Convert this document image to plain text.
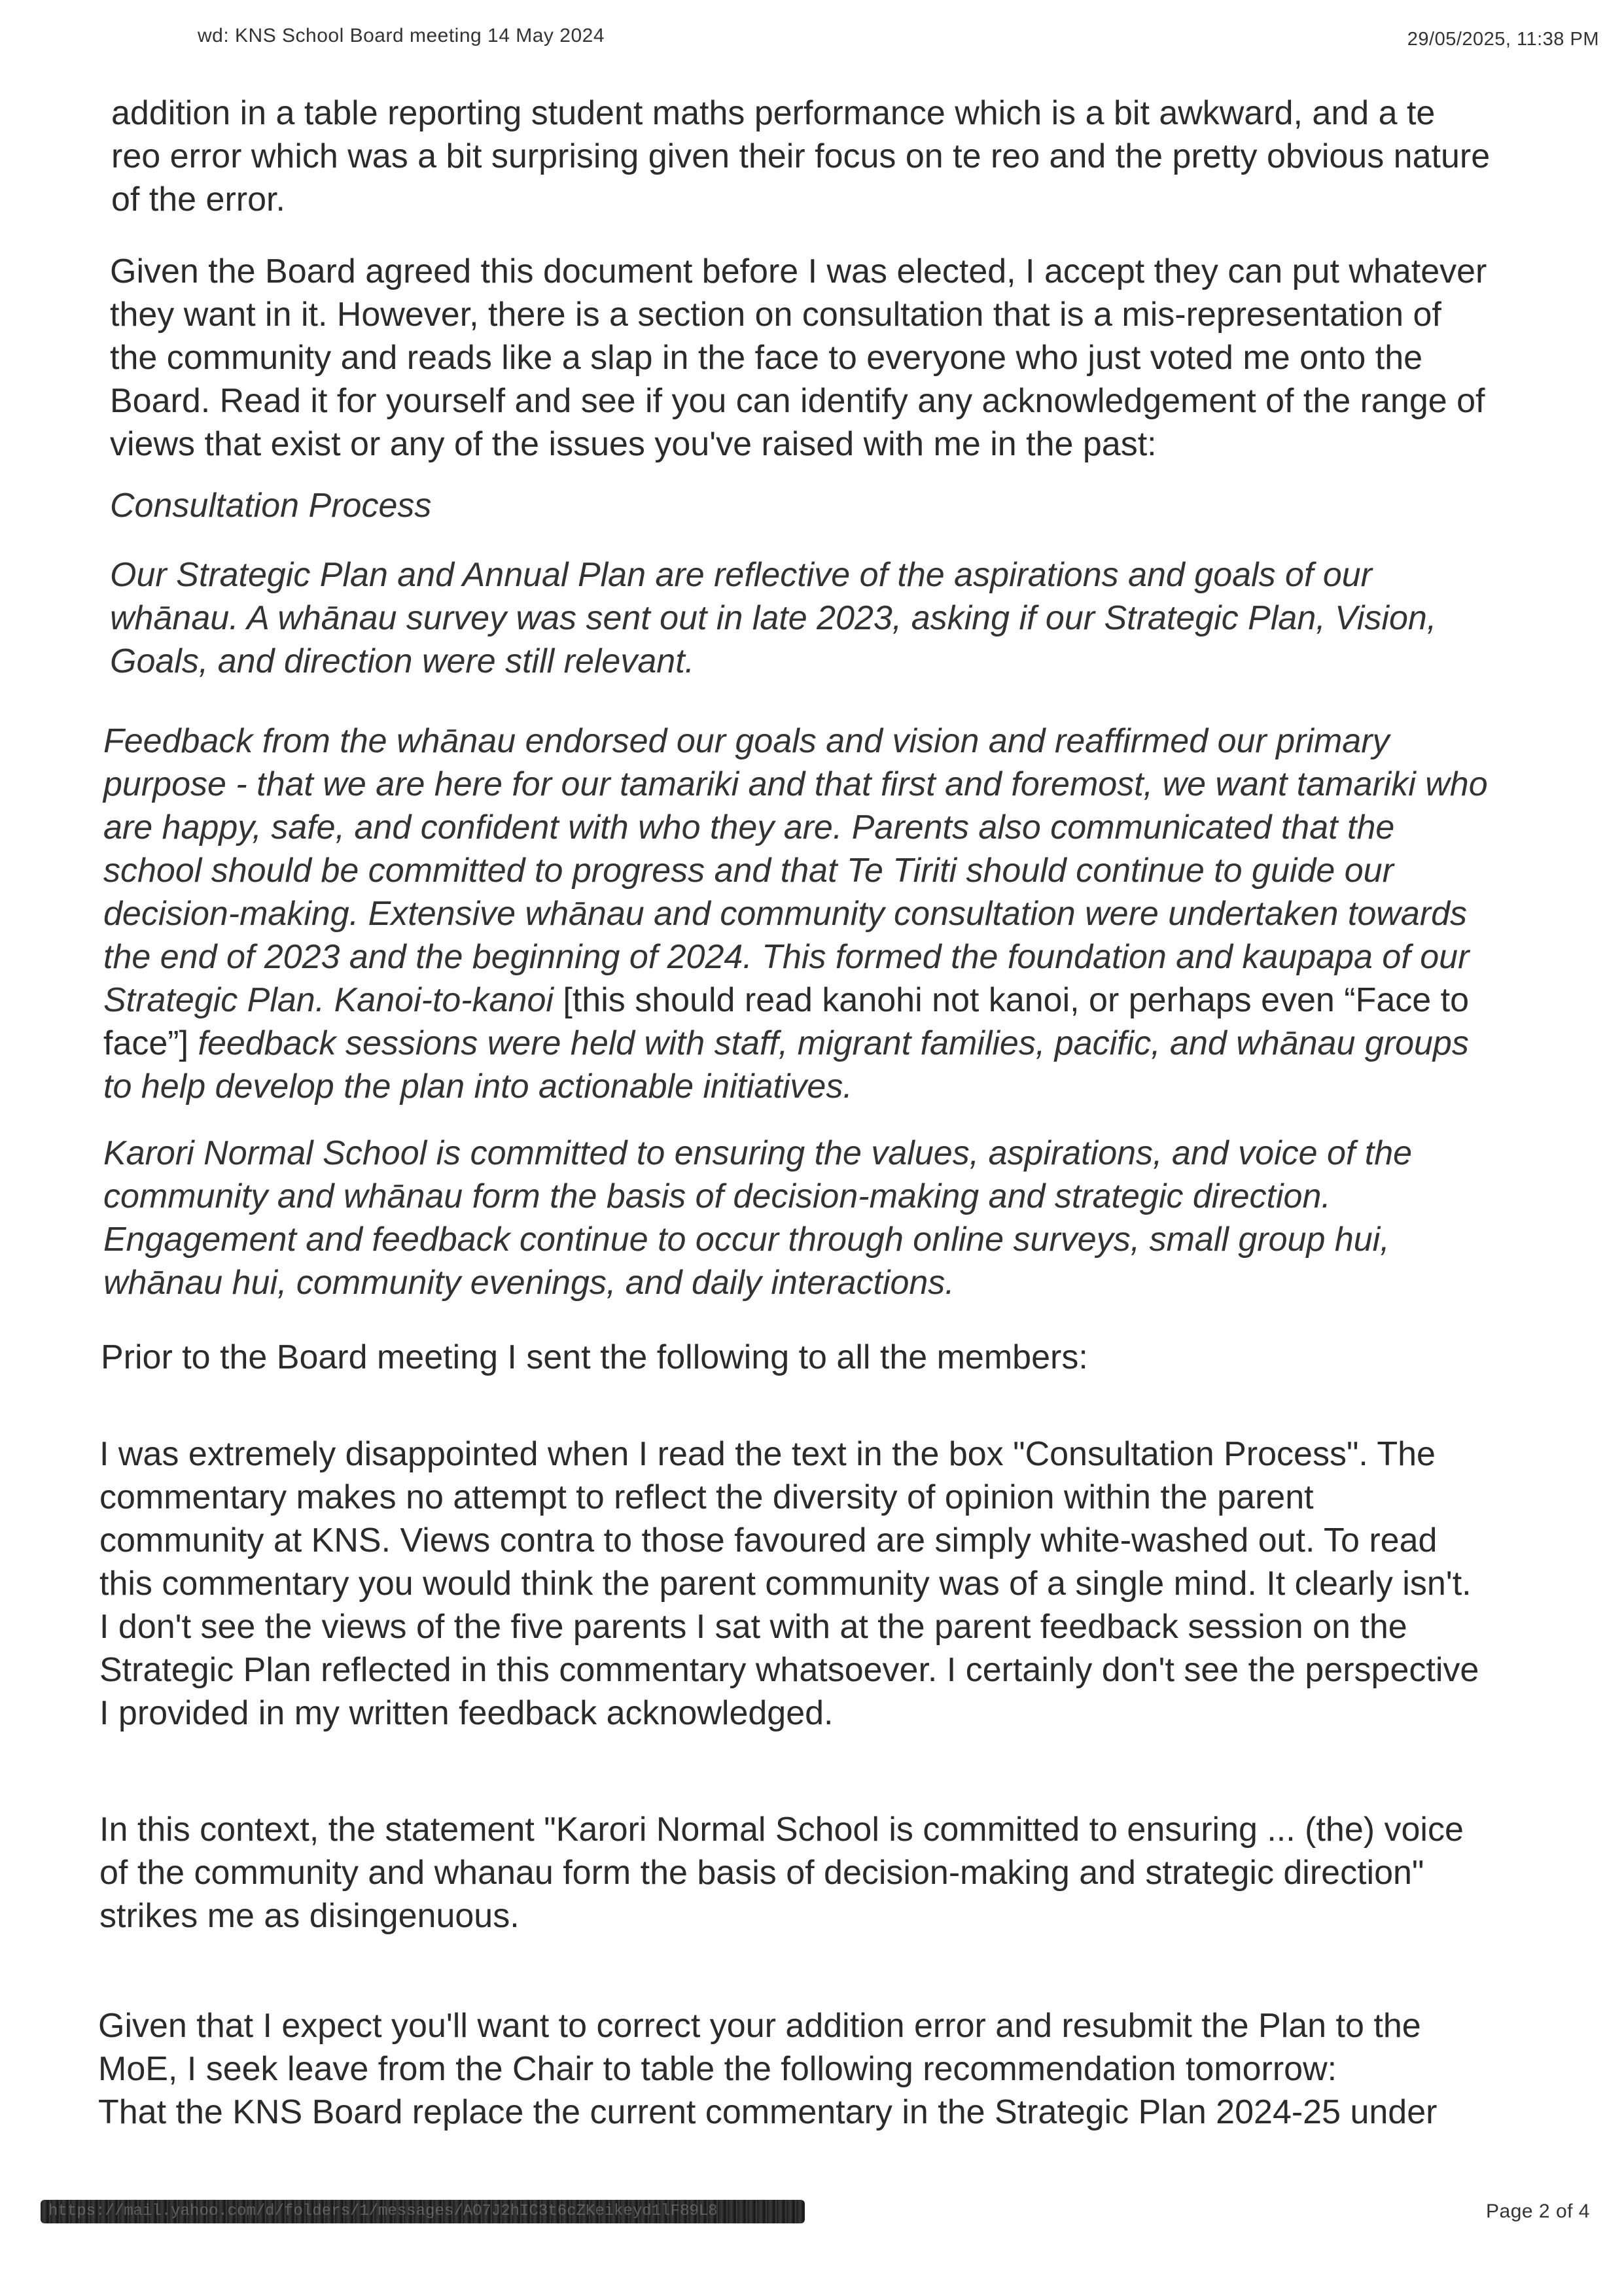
wd: KNS School Board meeting 14 May 2024	29/05/2025, 11:38 PM

addition in a table reporting student maths performance which is a bit awkward, and a te
reo error which was a bit surprising given their focus on te reo and the pretty obvious nature
of the error.

Given the Board agreed this document before I was elected, I accept they can put whatever
they want in it. However, there is a section on consultation that is a mis-representation of
the community and reads like a slap in the face to everyone who just voted me onto the
Board. Read it for yourself and see if you can identify any acknowledgement of the range of
views that exist or any of the issues you've raised with me in the past:

Consultation Process

Our Strategic Plan and Annual Plan are reflective of the aspirations and goals of our
whānau. A whānau survey was sent out in late 2023, asking if our Strategic Plan, Vision,
Goals, and direction were still relevant.

Feedback from the whānau endorsed our goals and vision and reaffirmed our primary
purpose - that we are here for our tamariki and that first and foremost, we want tamariki who
are happy, safe, and confident with who they are. Parents also communicated that the
school should be committed to progress and that Te Tiriti should continue to guide our
decision-making. Extensive whānau and community consultation were undertaken towards
the end of 2023 and the beginning of 2024. This formed the foundation and kaupapa of our
Strategic Plan. Kanoi-to-kanoi [this should read kanohi not kanoi, or perhaps even “Face to
face”] feedback sessions were held with staff, migrant families, pacific, and whānau groups
to help develop the plan into actionable initiatives.

Karori Normal School is committed to ensuring the values, aspirations, and voice of the
community and whānau form the basis of decision-making and strategic direction.
Engagement and feedback continue to occur through online surveys, small group hui,
whānau hui, community evenings, and daily interactions.

Prior to the Board meeting I sent the following to all the members:

I was extremely disappointed when I read the text in the box "Consultation Process". The
commentary makes no attempt to reflect the diversity of opinion within the parent
community at KNS. Views contra to those favoured are simply white-washed out. To read
this commentary you would think the parent community was of a single mind. It clearly isn't.
I don't see the views of the five parents I sat with at the parent feedback session on the
Strategic Plan reflected in this commentary whatsoever. I certainly don't see the perspective
I provided in my written feedback acknowledged.

In this context, the statement "Karori Normal School is committed to ensuring ... (the) voice
of the community and whanau form the basis of decision-making and strategic direction"
strikes me as disingenuous.

Given that I expect you'll want to correct your addition error and resubmit the Plan to the
MoE, I seek leave from the Chair to table the following recommendation tomorrow:
That the KNS Board replace the current commentary in the Strategic Plan 2024-25 under

https://mail.yahoo.com/d/folders/1/messages/AO7J2hIC3t6cZKeikeyd1lF89L8	Page 2 of 4
